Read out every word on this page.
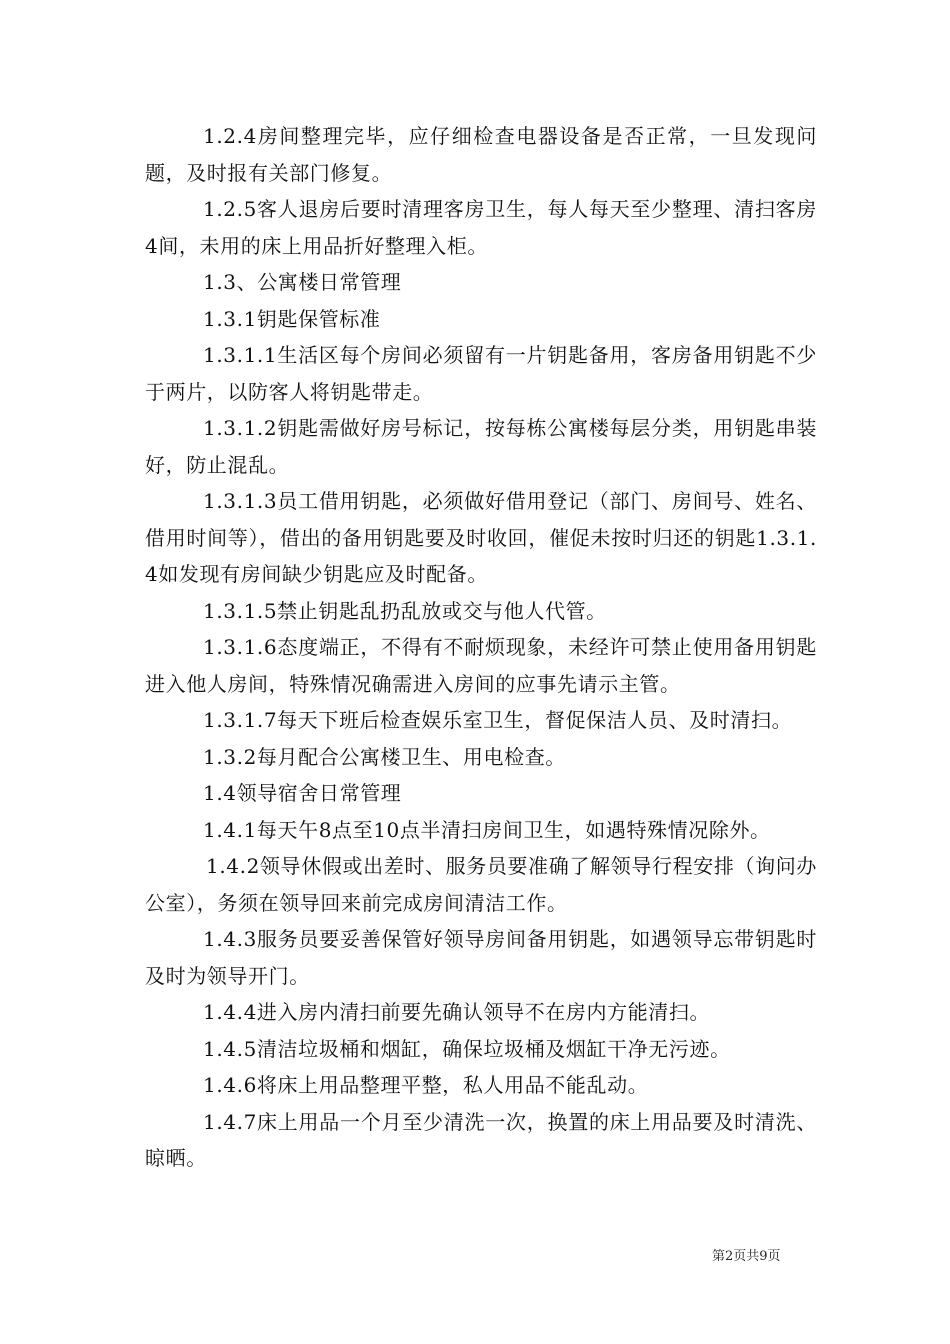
1.2.4房间整理完毕，应仔细检查电器设备是否正常，一旦发现问题，及时报有关部门修复。

1.2.5客人退房后要时清理客房卫生，每人每天至少整理、清扫客房4间，未用的床上用品折好整理入柜。

1.3、公寓楼日常管理

1.3.1钥匙保管标准

1.3.1.1生活区每个房间必须留有一片钥匙备用，客房备用钥匙不少于两片，以防客人将钥匙带走。

1.3.1.2钥匙需做好房号标记，按每栋公寓楼每层分类，用钥匙串装好，防止混乱。

1.3.1.3员工借用钥匙，必须做好借用登记（部门、房间号、姓名、借用时间等），借出的备用钥匙要及时收回，催促未按时归还的钥匙1.3.1.4如发现有房间缺少钥匙应及时配备。

1.3.1.5禁止钥匙乱扔乱放或交与他人代管。

1.3.1.6态度端正，不得有不耐烦现象，未经许可禁止使用备用钥匙进入他人房间，特殊情况确需进入房间的应事先请示主管。

1.3.1.7每天下班后检查娱乐室卫生，督促保洁人员、及时清扫。

1.3.2每月配合公寓楼卫生、用电检查。

1.4领导宿舍日常管理

1.4.1每天午8点至10点半清扫房间卫生，如遇特殊情况除外。

1.4.2领导休假或出差时、服务员要准确了解领导行程安排（询问办公室），务须在领导回来前完成房间清洁工作。

1.4.3服务员要妥善保管好领导房间备用钥匙，如遇领导忘带钥匙时及时为领导开门。

1.4.4进入房内清扫前要先确认领导不在房内方能清扫。

1.4.5清洁垃圾桶和烟缸，确保垃圾桶及烟缸干净无污迹。

1.4.6将床上用品整理平整，私人用品不能乱动。

1.4.7床上用品一个月至少清洗一次，换置的床上用品要及时清洗、晾晒。

第2页共9页
